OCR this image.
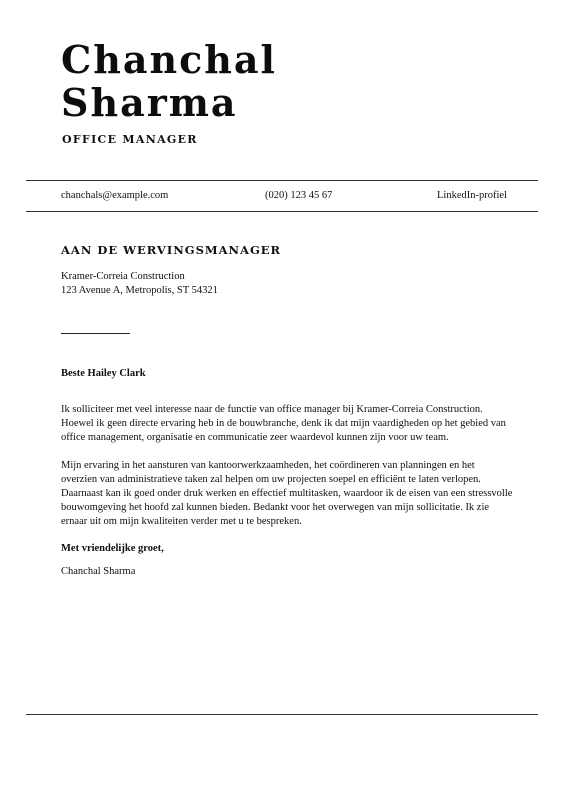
Chanchal
Sharma
OFFICE MANAGER
chanchals@example.com	(020) 123 45 67	LinkedIn-profiel
AAN DE WERVINGSMANAGER
Kramer-Correia Construction
123 Avenue A, Metropolis, ST 54321
Beste Hailey Clark

Ik solliciteer met veel interesse naar de functie van office manager bij Kramer-Correia Construction. Hoewel ik geen directe ervaring heb in de bouwbranche, denk ik dat mijn vaardigheden op het gebied van office management, organisatie en communicatie zeer waardevol kunnen zijn voor uw team.

Mijn ervaring in het aansturen van kantoorwerkzaamheden, het coördineren van planningen en het overzien van administratieve taken zal helpen om uw projecten soepel en efficiënt te laten verlopen. Daarnaast kan ik goed onder druk werken en effectief multitasken, waardoor ik de eisen van een stressvolle bouwomgeving het hoofd zal kunnen bieden. Bedankt voor het overwegen van mijn sollicitatie. Ik zie ernaar uit om mijn kwaliteiten verder met u te bespreken.

Met vriendelijke groet,
Chanchal Sharma
